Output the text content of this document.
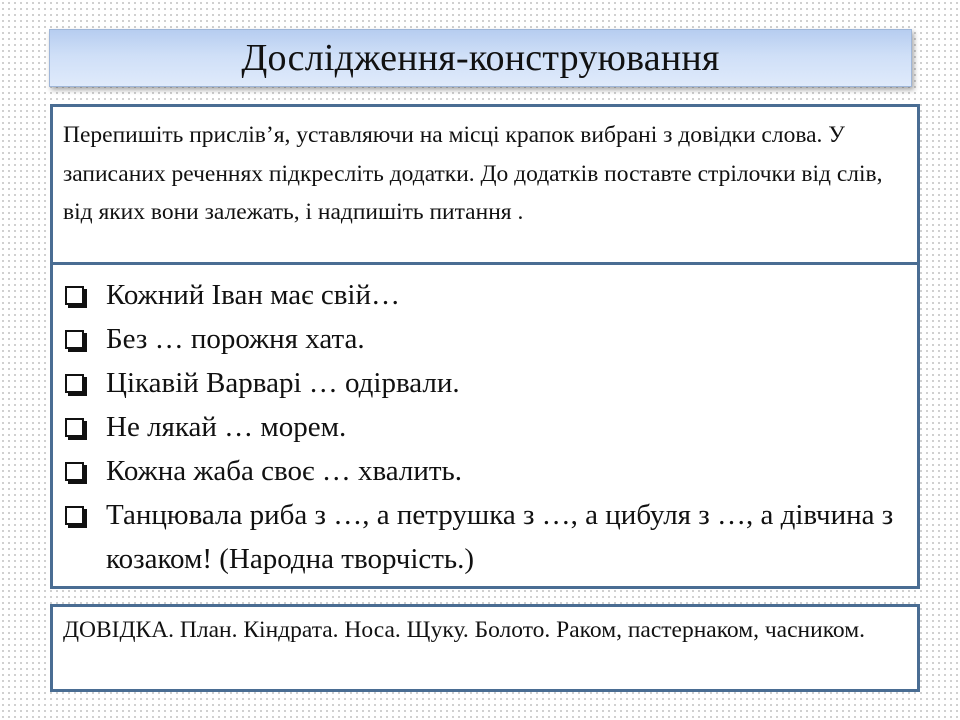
Дослідження-конструювання

Перепишіть прислів’я, уставляючи на місці крапок вибрані з довідки слова. У записаних реченнях підкресліть додатки. До додатків поставте стрілочки від слів, від яких вони залежать, і надпишіть питання .

Кожний Іван має свій…
Без … порожня хата.
Цікавій Варварі … одірвали.
Не лякай … морем.
Кожна жаба своє … хвалить.
Танцювала риба з …, а петрушка з …, а цибуля з …, а дівчина з козаком! (Народна творчість.)

ДОВІДКА. План. Кіндрата. Носа. Щуку. Болото. Раком, пастернаком, часником.
